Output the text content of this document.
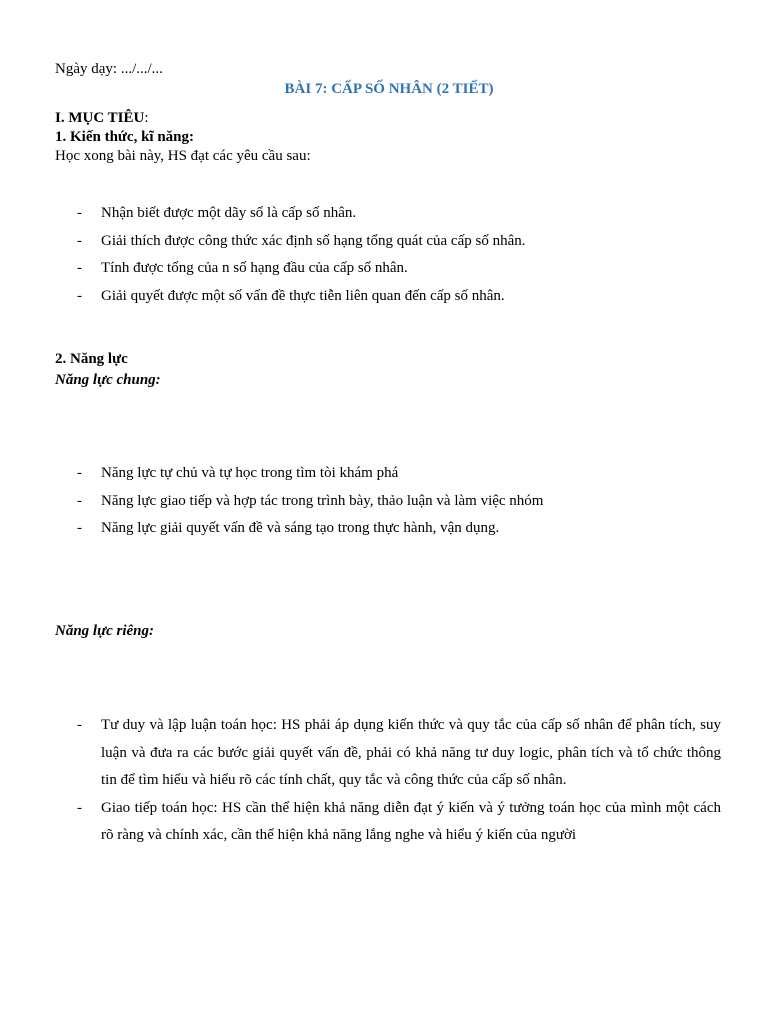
Ngày dạy: .../.../...
BÀI 7: CẤP SỐ NHÂN (2 TIẾT)
I. MỤC TIÊU:
1. Kiến thức, kĩ năng:
Học xong bài này, HS đạt các yêu cầu sau:
- Nhận biết được một dãy số là cấp số nhân.
- Giải thích được công thức xác định số hạng tổng quát của cấp số nhân.
- Tính được tổng của n số hạng đầu của cấp số nhân.
- Giải quyết được một số vấn đề thực tiễn liên quan đến cấp số nhân.
2. Năng lực
Năng lực chung:
- Năng lực tự chủ và tự học trong tìm tòi khám phá
- Năng lực giao tiếp và hợp tác trong trình bày, thảo luận và làm việc nhóm
- Năng lực giải quyết vấn đề và sáng tạo trong thực hành, vận dụng.
Năng lực riêng:
- Tư duy và lập luận toán học: HS phải áp dụng kiến thức và quy tắc của cấp số nhân để phân tích, suy luận và đưa ra các bước giải quyết vấn đề, phải có khả năng tư duy logic, phân tích và tổ chức thông tin để tìm hiểu và hiểu rõ các tính chất, quy tắc và công thức của cấp số nhân.
- Giao tiếp toán học: HS cần thể hiện khả năng diễn đạt ý kiến và ý tưởng toán học của mình một cách rõ ràng và chính xác, cần thể hiện khả năng lắng nghe và hiểu ý kiến của người
